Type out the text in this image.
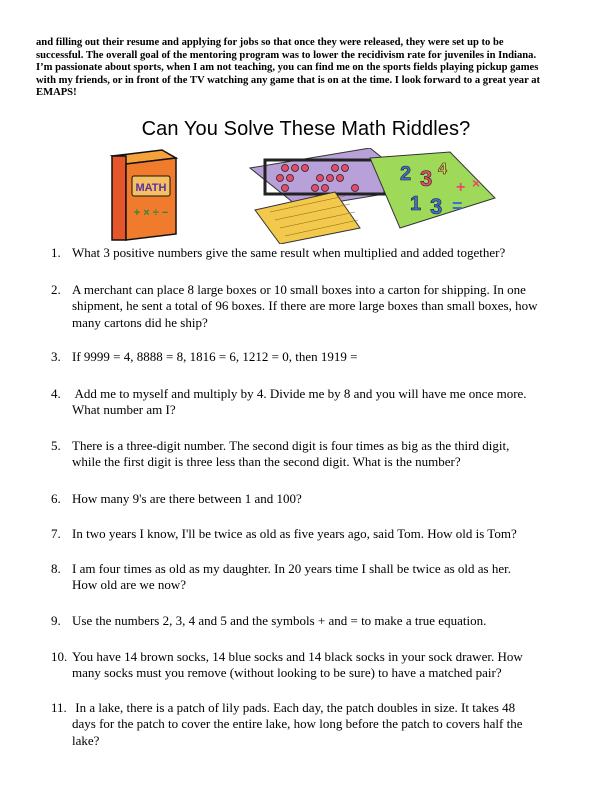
and filling out their resume and applying for jobs so that once they were released, they were set up to be

successful. The overall goal of the mentoring program was to lower the recidivism rate for juveniles in Indiana.

I’m passionate about sports, when I am not teaching, you can find me on the sports fields playing pickup games

with my friends, or in front of the TV watching any game that is on at the time. I look forward to a great year at

EMAPS!

Can You Solve These Math Riddles?
MATH
+ × ÷ −
2 3 4
+ ×
1 3 =
1. What 3 positive numbers give the same result when multiplied and added together?
2. A merchant can place 8 large boxes or 10 small boxes into a carton for shipping. In one
shipment, he sent a total of 96 boxes. If there are more large boxes than small boxes, how
many cartons did he ship?
3. If 9999 = 4, 8888 = 8, 1816 = 6, 1212 = 0, then 1919 =
4. Add me to myself and multiply by 4. Divide me by 8 and you will have me once more.
What number am I?
5. There is a three-digit number. The second digit is four times as big as the third digit,
while the first digit is three less than the second digit. What is the number?
6. How many 9's are there between 1 and 100?
7. In two years I know, I'll be twice as old as five years ago, said Tom. How old is Tom?
8. I am four times as old as my daughter. In 20 years time I shall be twice as old as her.
How old are we now?
9. Use the numbers 2, 3, 4 and 5 and the symbols + and = to make a true equation.
10. You have 14 brown socks, 14 blue socks and 14 black socks in your sock drawer. How
many socks must you remove (without looking to be sure) to have a matched pair?
11. In a lake, there is a patch of lily pads. Each day, the patch doubles in size. It takes 48
days for the patch to cover the entire lake, how long before the patch to covers half the
lake?
